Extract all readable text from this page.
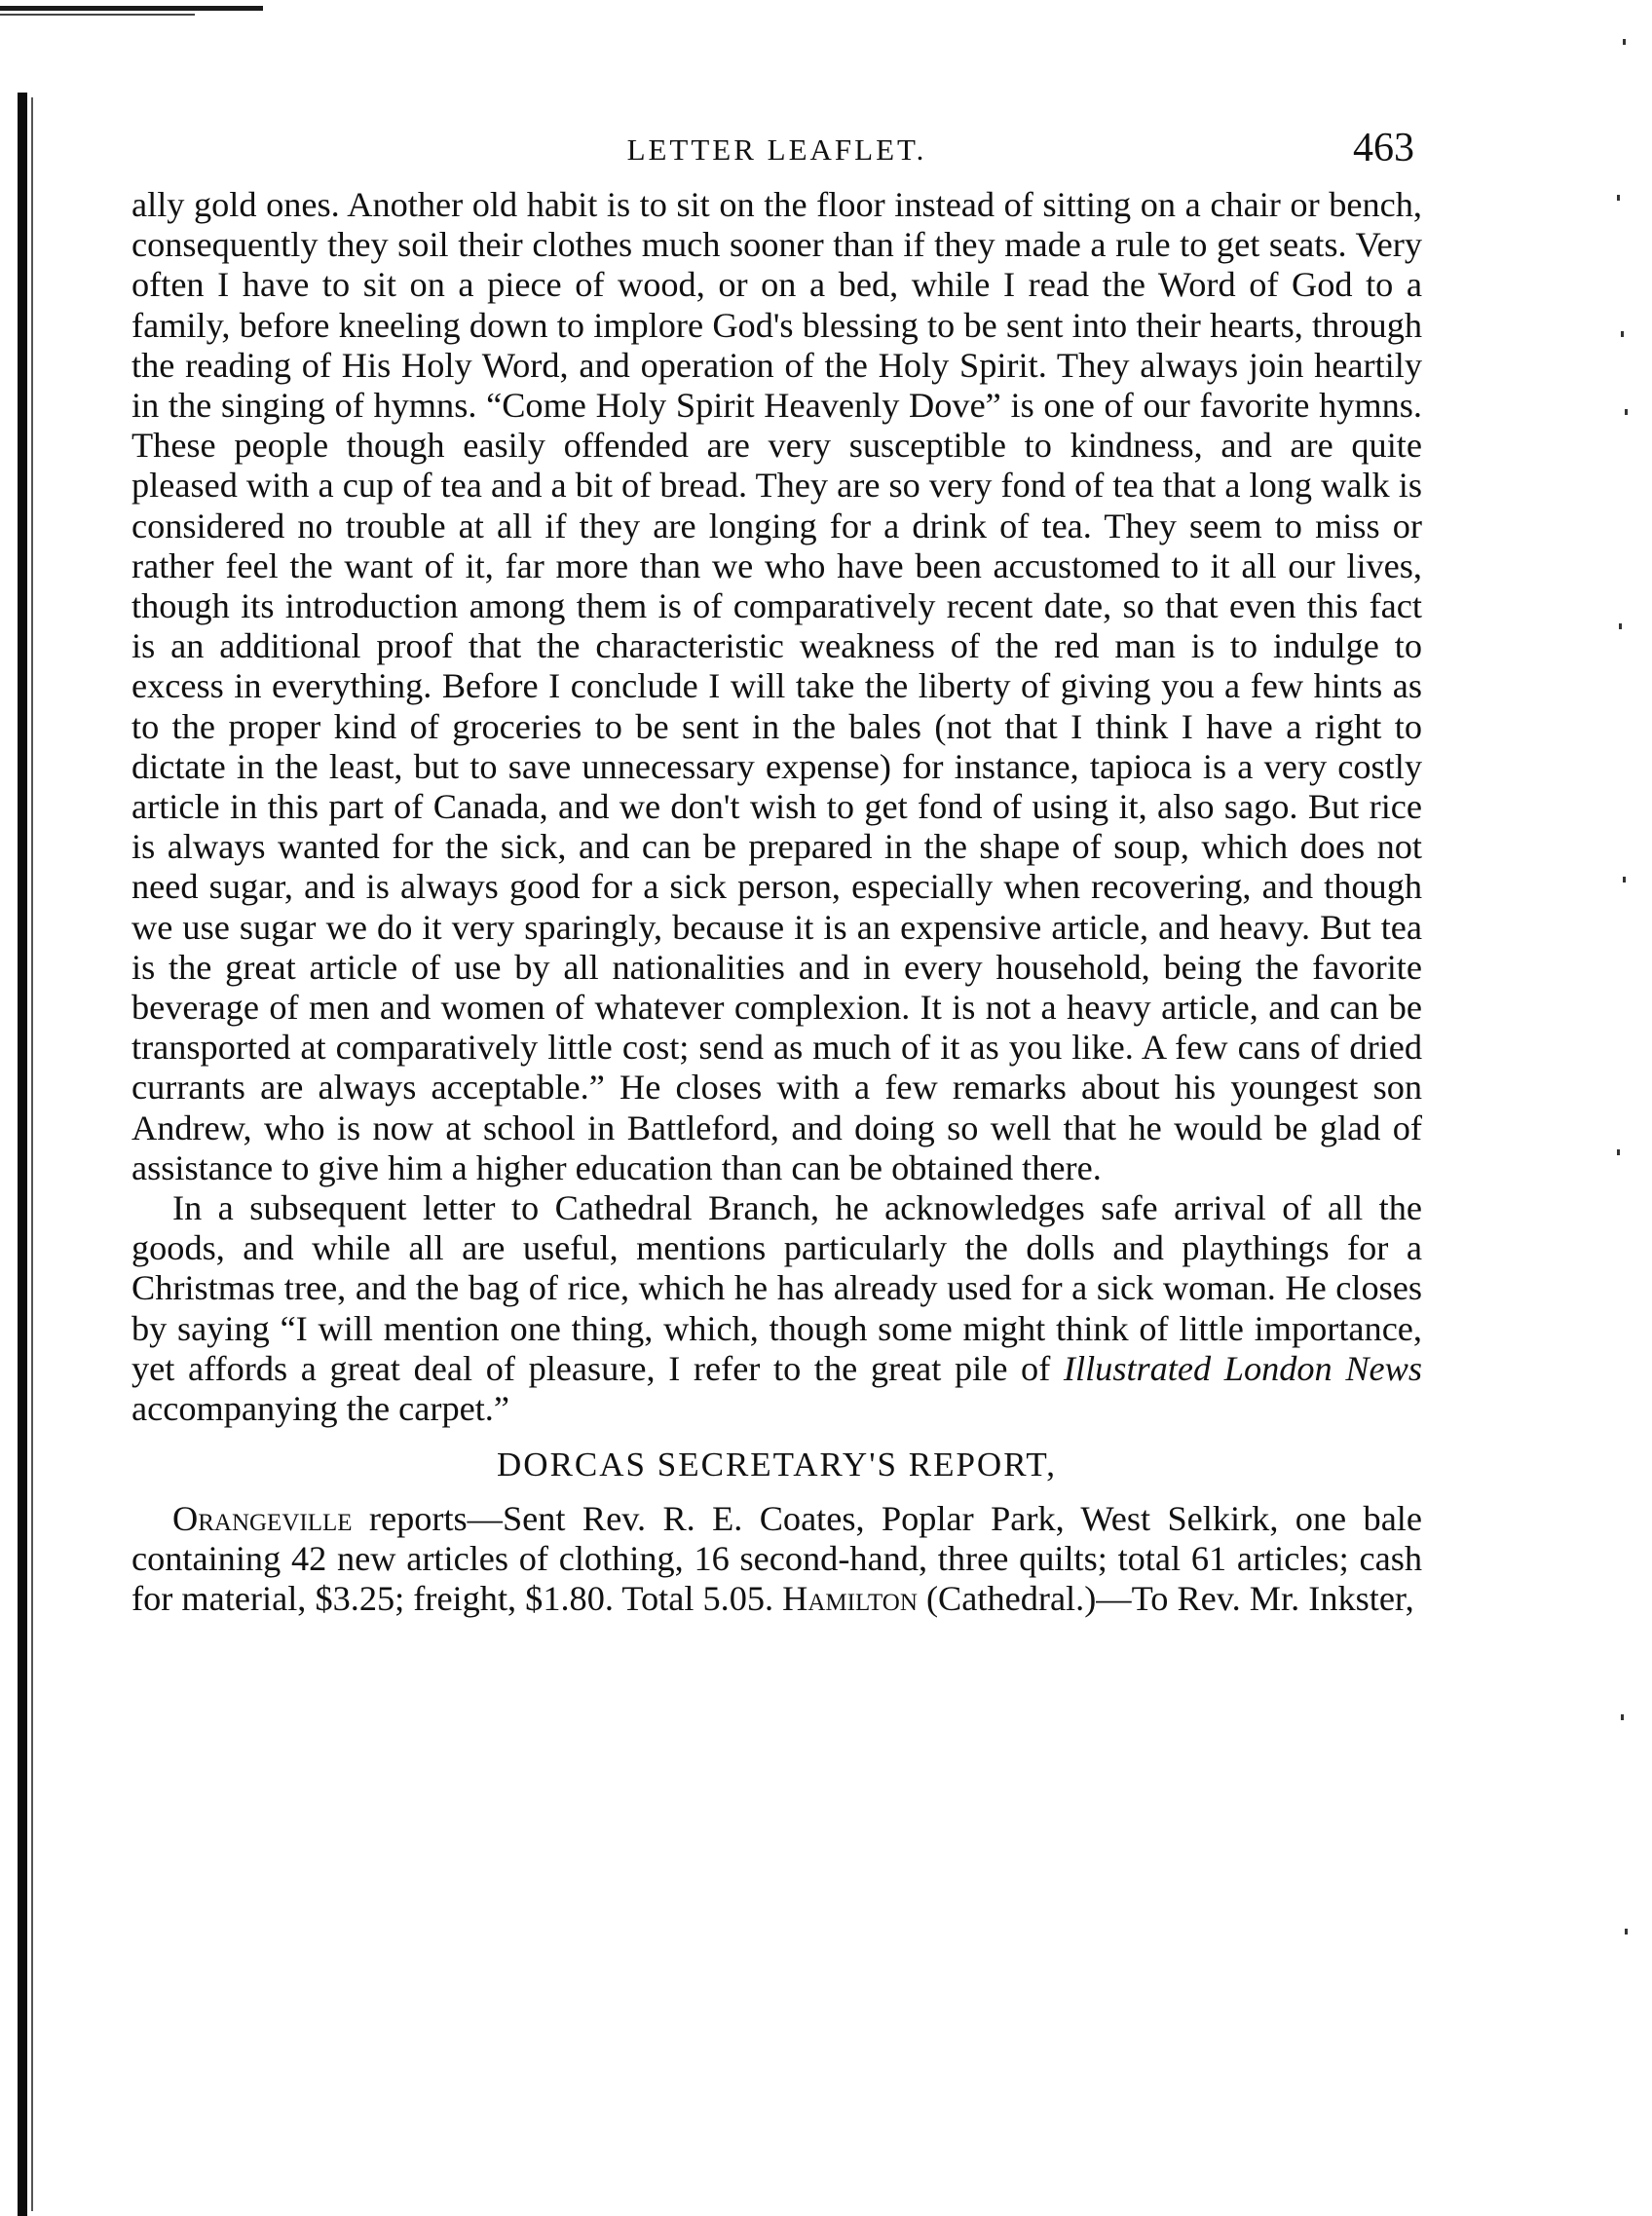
LETTER LEAFLET.	463

ally gold ones. Another old habit is to sit on the floor instead of sitting on a chair or bench, consequently they soil their clothes much sooner than if they made a rule to get seats. Very often I have to sit on a piece of wood, or on a bed, while I read the Word of God to a family, before kneeling down to implore God's blessing to be sent into their hearts, through the reading of His Holy Word, and operation of the Holy Spirit. They always join heartily in the singing of hymns. “Come Holy Spirit Heavenly Dove” is one of our favorite hymns. These people though easily offended are very susceptible to kindness, and are quite pleased with a cup of tea and a bit of bread. They are so very fond of tea that a long walk is considered no trouble at all if they are longing for a drink of tea. They seem to miss or rather feel the want of it, far more than we who have been accustomed to it all our lives, though its introduction among them is of comparatively recent date, so that even this fact is an additional proof that the characteristic weakness of the red man is to indulge to excess in everything. Before I conclude I will take the liberty of giving you a few hints as to the proper kind of groceries to be sent in the bales (not that I think I have a right to dictate in the least, but to save unnecessary expense) for instance, tapioca is a very costly article in this part of Canada, and we don't wish to get fond of using it, also sago. But rice is always wanted for the sick, and can be prepared in the shape of soup, which does not need sugar, and is always good for a sick person, especially when recovering, and though we use sugar we do it very sparingly, because it is an expensive article, and heavy. But tea is the great article of use by all nationalities and in every household, being the favorite beverage of men and women of whatever complexion. It is not a heavy article, and can be transported at comparatively little cost; send as much of it as you like. A few cans of dried currants are always acceptable.” He closes with a few remarks about his youngest son Andrew, who is now at school in Battleford, and doing so well that he would be glad of assistance to give him a higher education than can be obtained there.

In a subsequent letter to Cathedral Branch, he acknowledges safe arrival of all the goods, and while all are useful, mentions particularly the dolls and playthings for a Christmas tree, and the bag of rice, which he has already used for a sick woman. He closes by saying “I will mention one thing, which, though some might think of little importance, yet affords a great deal of pleasure, I refer to the great pile of Illustrated London News accompanying the carpet.”

DORCAS SECRETARY'S REPORT,

Orangeville reports—Sent Rev. R. E. Coates, Poplar Park, West Selkirk, one bale containing 42 new articles of clothing, 16 second-hand, three quilts; total 61 articles; cash for material, $3.25; freight, $1.80. Total 5.05. Hamilton (Cathedral.)—To Rev. Mr. Inkster,
